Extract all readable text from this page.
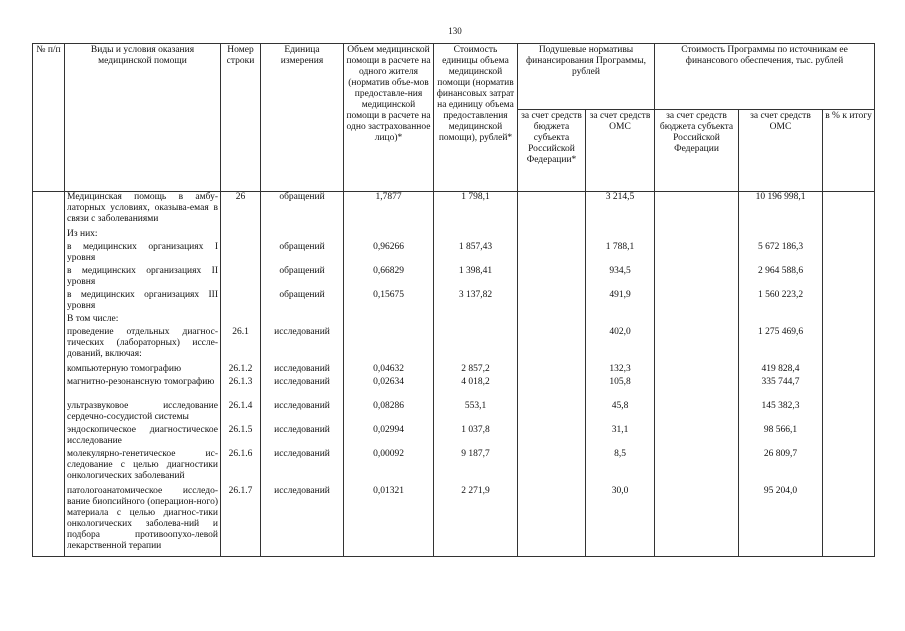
130
№ п/п	Виды и условия оказания медицинской помощи	Номер строки	Единица измерения	Объем медицинской помощи в расчете на одного жителя (норматив объе-мов предоставле-ния медицинской помощи в расчете на одно застрахованное лицо)*	Стоимость единицы объема медицинской помощи (норматив финансовых затрат на единицу объема предоставления медицинской помощи), рублей*	Подушевые нормативы финансирования Программы, рублей		Стоимость Программы по источникам ее финансового обеспечения, тыс. рублей		
						за счет средств бюджета субъекта Российской Федерации*	за счет средств ОМС	за счет средств бюджета субъекта Российской Федерации	за счет средств ОМС	в % к итогу
	Медицинская помощь в амбу-латорных условиях, оказыва-емая в связи с заболеваниями	26	обращений	1,7877	1 798,1		3 214,5		10 196 998,1	
	Из них:									
	в медицинских организациях I уровня		обращений	0,96266	1 857,43		1 788,1		5 672 186,3	
	в медицинских организациях II уровня		обращений	0,66829	1 398,41		934,5		2 964 588,6	
	в медицинских организациях III уровня		обращений	0,15675	3 137,82		491,9		1 560 223,2	
	В том числе:									
	проведение отдельных диагнос-тических (лабораторных) иссле-дований, включая:	26.1	исследований				402,0		1 275 469,6	
	компьютерную томографию	26.1.2	исследований	0,04632	2 857,2		132,3		419 828,4	
	магнитно-резонансную томографию	26.1.3	исследований	0,02634	4 018,2		105,8		335 744,7	
	ультразвуковое исследование сердечно-сосудистой системы	26.1.4	исследований	0,08286	553,1		45,8		145 382,3	
	эндоскопическое диагностическое исследование	26.1.5	исследований	0,02994	1 037,8		31,1		98 566,1	
	молекулярно-генетическое ис-следование с целью диагностики онкологических заболеваний	26.1.6	исследований	0,00092	9 187,7		8,5		26 809,7	
	патологоанатомическое исследо-вание биопсийного (операцион-ного) материала с целью диагнос-тики онкологических заболева-ний и подбора противоопухо-левой лекарственной терапии	26.1.7	исследований	0,01321	2 271,9		30,0		95 204,0	
